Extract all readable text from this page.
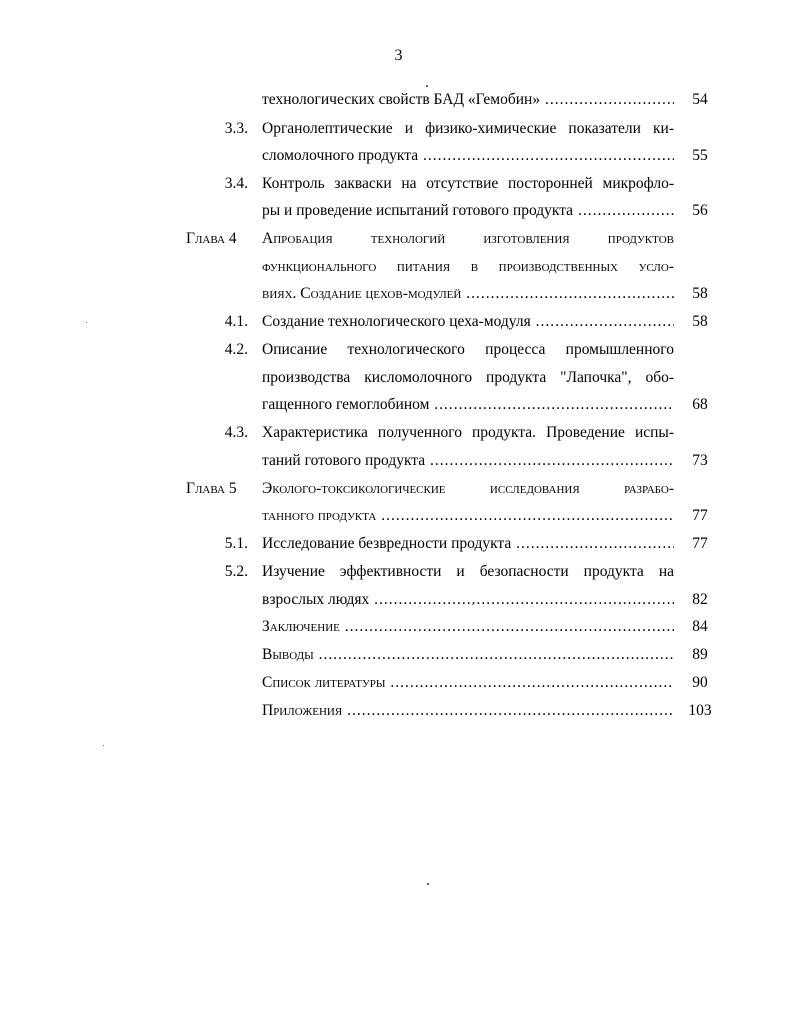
3
технологических свойств БАД «Гемобин» .....	54
3.3. Органолептические и физико-химические показатели ки-
сломолочного продукта .....	55
3.4. Контроль закваски на отсутствие посторонней микрофло-
ры и проведение испытаний готового продукта .....	56
Глава 4 Апробация технологий изготовления продуктов
функционального питания в производственных усло-
виях. Создание цехов-модулей .....	58
4.1. Создание технологического цеха-модуля .....	58
4.2. Описание технологического процесса промышленного
производства кисломолочного продукта "Лапочка", обо-
гащенного гемоглобином .....	68
4.3. Характеристика полученного продукта. Проведение испы-
таний готового продукта .....	73
Глава 5 Эколого-токсикологические исследования разрабо-
танного продукта .....	77
5.1. Исследование безвредности продукта .....	77
5.2. Изучение эффективности и безопасности продукта на
взрослых людях .....	82
Заключение .....	84
Выводы .....	89
Список литературы .....	90
Приложения .....	103
